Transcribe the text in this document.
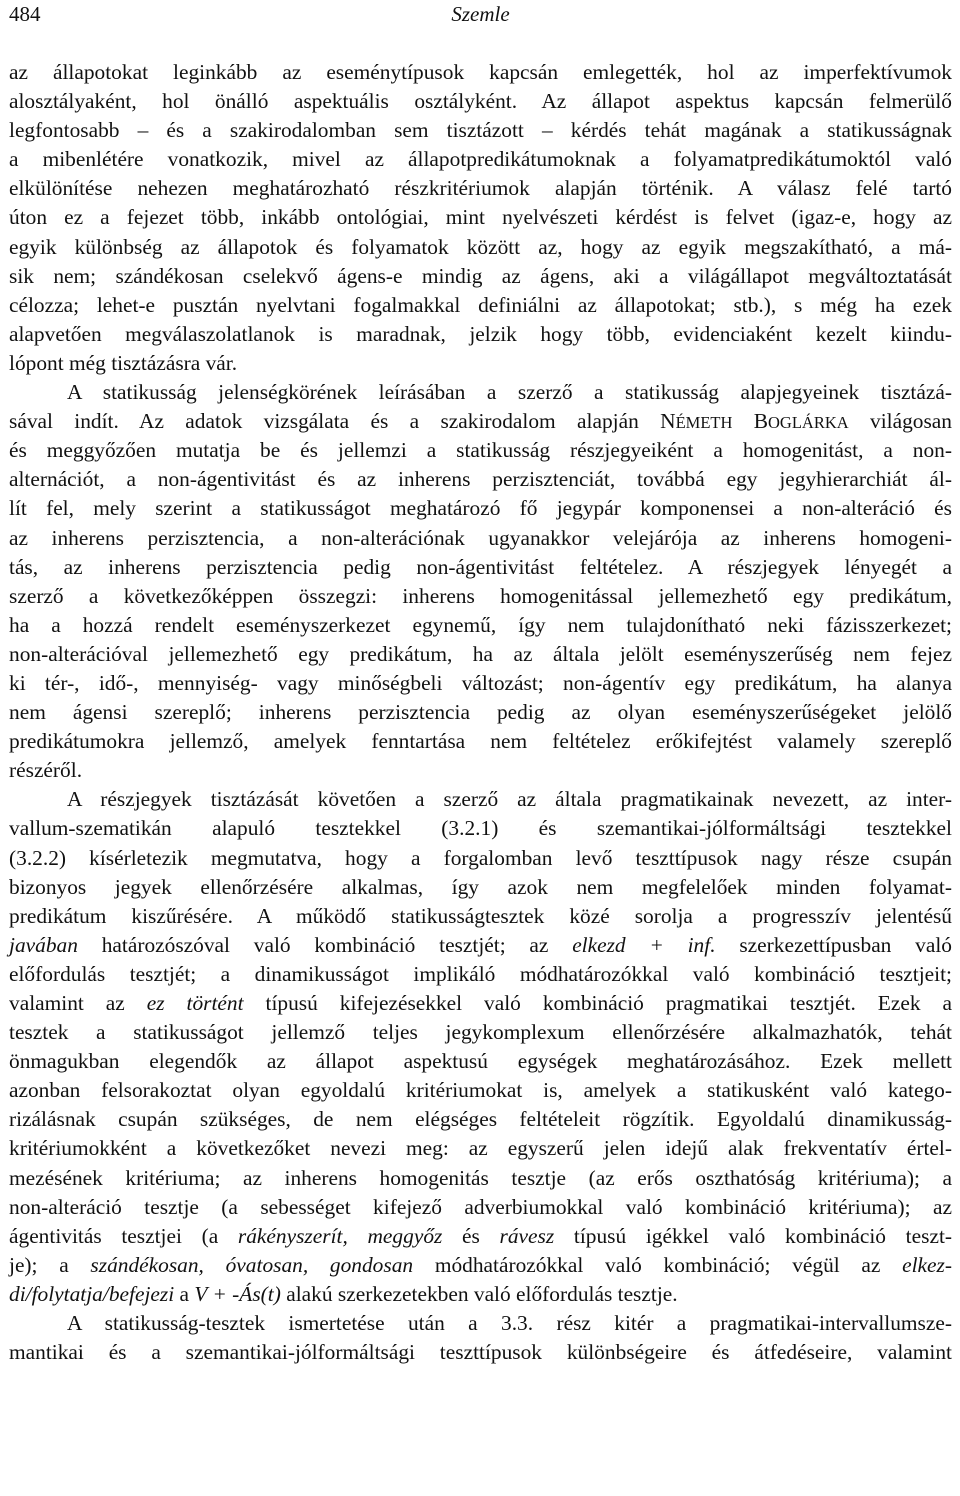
484	Szemle
az állapotokat leginkább az eseménytípusok kapcsán emlegették, hol az imperfektívumok
alosztályaként, hol önálló aspektuális osztályként. Az állapot aspektus kapcsán felmerülő
legfontosabb – és a szakirodalomban sem tisztázott – kérdés tehát magának a statikusságnak
a mibenlétére vonatkozik, mivel az állapotpredikátumoknak a folyamatpredikátumoktól való
elkülönítése nehezen meghatározható részkritériumok alapján történik. A válasz felé tartó
úton ez a fejezet több, inkább ontológiai, mint nyelvészeti kérdést is felvet (igaz-e, hogy az
egyik különbség az állapotok és folyamatok között az, hogy az egyik megszakítható, a má-
sik nem; szándékosan cselekvő ágens-e mindig az ágens, aki a világállapot megváltoztatását
célozza; lehet-e pusztán nyelvtani fogalmakkal definiálni az állapotokat; stb.), s még ha ezek
alapvetően megválaszolatlanok is maradnak, jelzik hogy több, evidenciaként kezelt kiindu-
lópont még tisztázásra vár.
A statikusság jelenségkörének leírásában a szerző a statikusság alapjegyeinek tisztázá-
sával indít. Az adatok vizsgálata és a szakirodalom alapján NÉMETH BOGLÁRKA világosan
és meggyőzően mutatja be és jellemzi a statikusság részjegyeiként a homogenitást, a non-
alternációt, a non-ágentivitást és az inherens perzisztenciát, továbbá egy jegyhierarchiát ál-
lít fel, mely szerint a statikusságot meghatározó fő jegypár komponensei a non-alteráció és
az inherens perzisztencia, a non-alterációnak ugyanakkor velejárója az inherens homogeni-
tás, az inherens perzisztencia pedig non-ágentivitást feltételez. A részjegyek lényegét a
szerző a következőképpen összegzi: inherens homogenitással jellemezhető egy predikátum,
ha a hozzá rendelt eseményszerkezet egynemű, így nem tulajdonítható neki fázisszerkezet;
non-alterációval jellemezhető egy predikátum, ha az általa jelölt eseményszerűség nem fejez
ki tér-, idő-, mennyiség- vagy minőségbeli változást; non-ágentív egy predikátum, ha alanya
nem ágensi szereplő; inherens perzisztencia pedig az olyan eseményszerűségeket jelölő
predikátumokra jellemző, amelyek fenntartása nem feltételez erőkifejtést valamely szereplő
részéről.
A részjegyek tisztázását követően a szerző az általa pragmatikainak nevezett, az inter-
vallum-szematikán alapuló tesztekkel (3.2.1) és szemantikai-jólformáltsági tesztekkel
(3.2.2) kísérletezik megmutatva, hogy a forgalomban levő teszttípusok nagy része csupán
bizonyos jegyek ellenőrzésére alkalmas, így azok nem megfelelőek minden folyamat-
predikátum kiszűrésére. A működő statikusságtesztek közé sorolja a progresszív jelentésű
javában határozószóval való kombináció tesztjét; az elkezd + inf. szerkezettípusban való
előfordulás tesztjét; a dinamikusságot implikáló módhatározókkal való kombináció tesztjeit;
valamint az ez történt típusú kifejezésekkel való kombináció pragmatikai tesztjét. Ezek a
tesztek a statikusságot jellemző teljes jegykomplexum ellenőrzésére alkalmazhatók, tehát
önmagukban elegendők az állapot aspektusú egységek meghatározásához. Ezek mellett
azonban felsorakoztat olyan egyoldalú kritériumokat is, amelyek a statikusként való katego-
rizálásnak csupán szükséges, de nem elégséges feltételeit rögzítik. Egyoldalú dinamikusság-
kritériumokként a következőket nevezi meg: az egyszerű jelen idejű alak frekventatív értel-
mezésének kritériuma; az inherens homogenitás tesztje (az erős oszthatóság kritériuma); a
non-alteráció tesztje (a sebességet kifejező adverbiumokkal való kombináció kritériuma); az
ágentivitás tesztjei (a rákényszerít, meggyőz és rávesz típusú igékkel való kombináció teszt-
je); a szándékosan, óvatosan, gondosan módhatározókkal való kombináció; végül az elkez-
di/folytatja/befejezi a V + -Ás(t) alakú szerkezetekben való előfordulás tesztje.
A statikusság-tesztek ismertetése után a 3.3. rész kitér a pragmatikai-intervallumsze-
mantikai és a szemantikai-jólformáltsági teszttípusok különbségeire és átfedéseire, valamint
